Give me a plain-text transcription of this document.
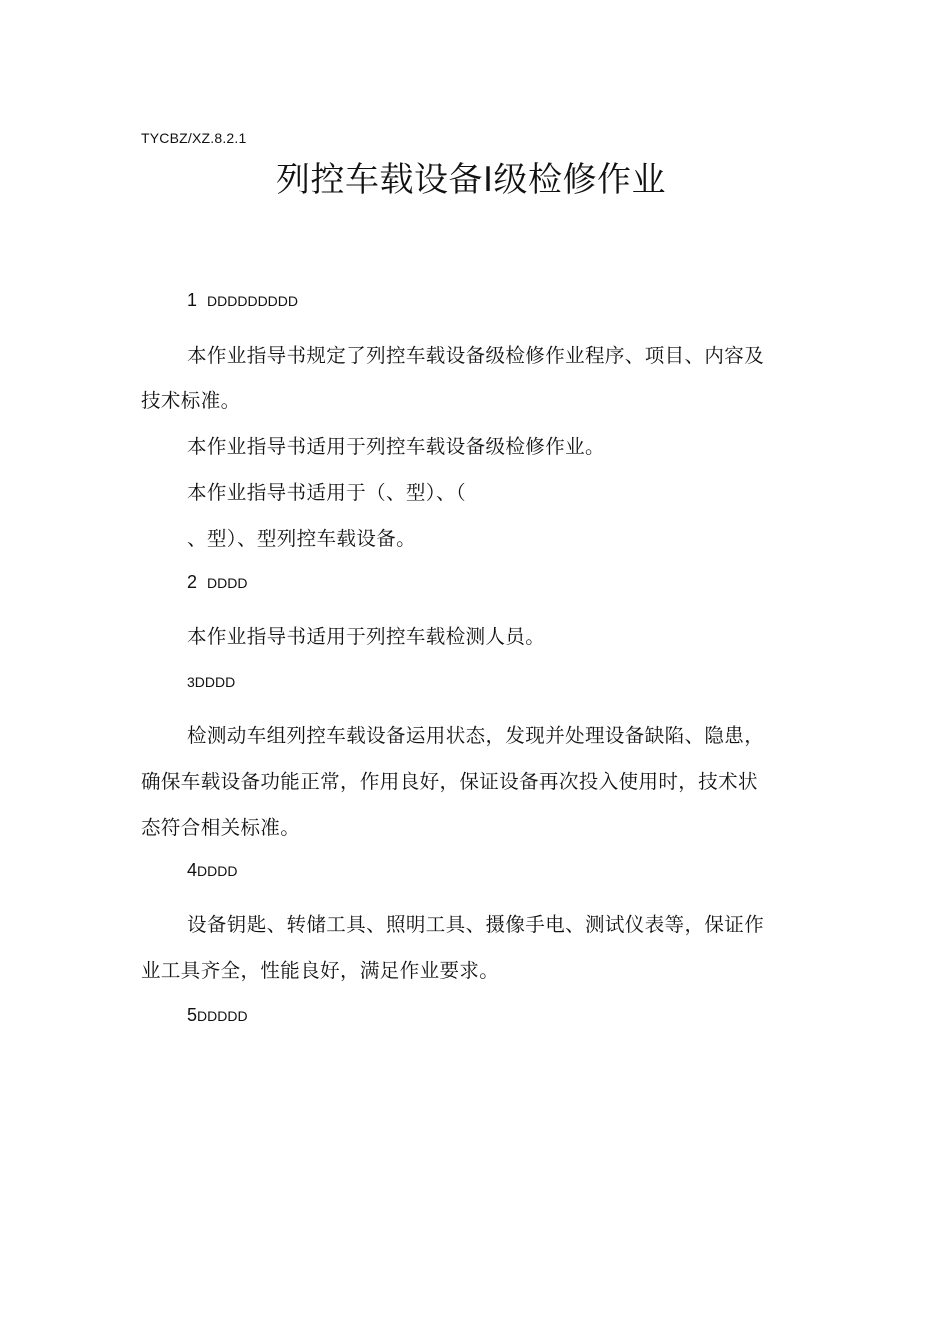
TYCBZ/XZ.8.2.1
列控车载设备Ⅰ级检修作业
1 DDDDDDDDD
本作业指导书规定了列控车载设备级检修作业程序、项目、内容及
技术标准。
本作业指导书适用于列控车载设备级检修作业。
本作业指导书适用于（、型）、（
、型）、型列控车载设备。
2 DDDD
本作业指导书适用于列控车载检测人员。
3DDDD
检测动车组列控车载设备运用状态，发现并处理设备缺陷、隐患，
确保车载设备功能正常，作用良好，保证设备再次投入使用时，技术状
态符合相关标准。
4DDDD
设备钥匙、转储工具、照明工具、摄像手电、测试仪表等，保证作
业工具齐全，性能良好，满足作业要求。
5DDDDD
